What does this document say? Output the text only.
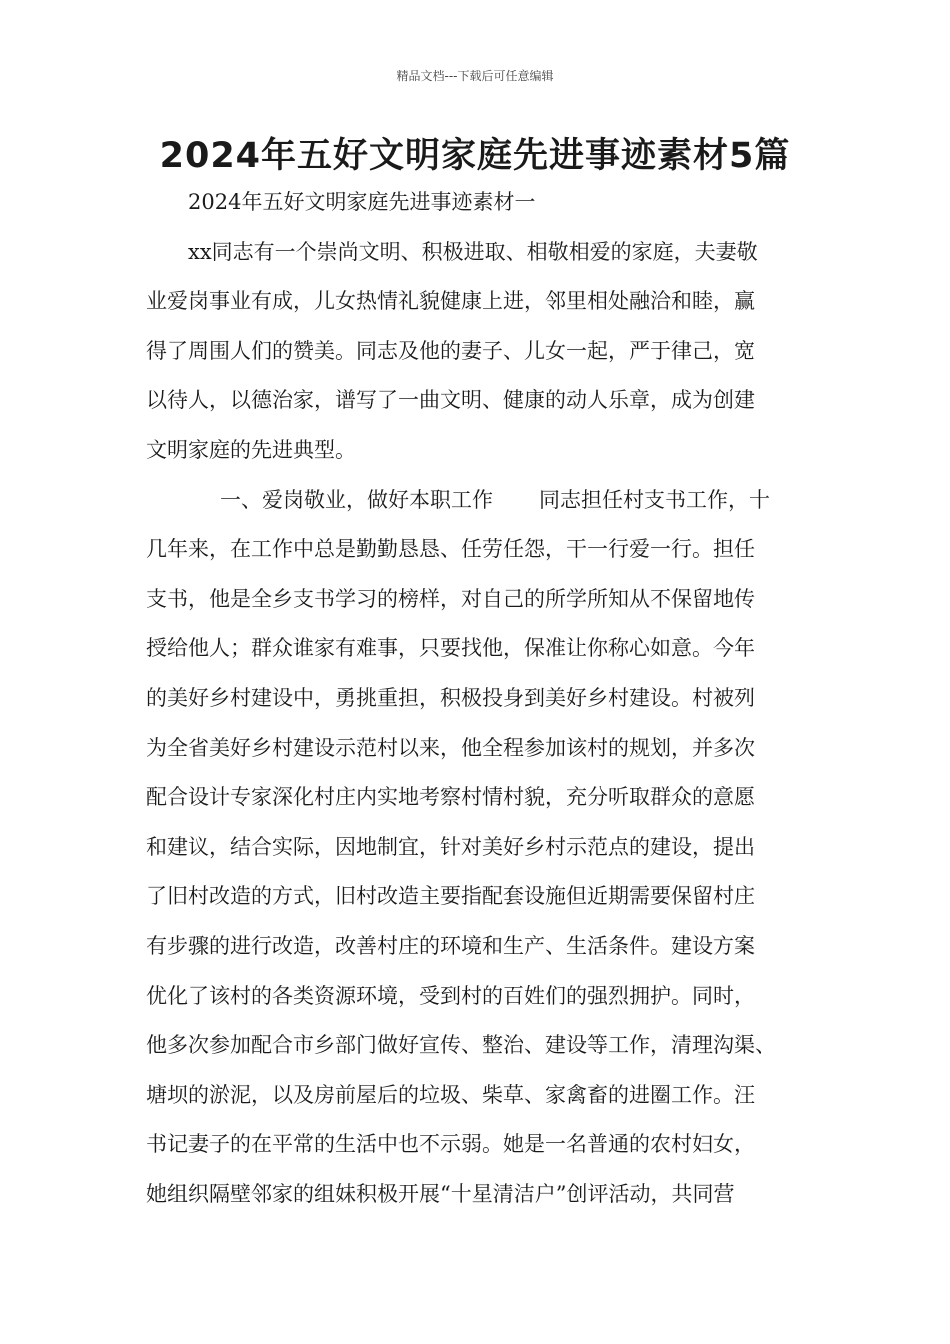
精品文档---下载后可任意编辑
2024年五好文明家庭先进事迹素材5篇

2024年五好文明家庭先进事迹素材一

xx同志有一个崇尚文明、积极进取、相敬相爱的家庭，夫妻敬

业爱岗事业有成，儿女热情礼貌健康上进，邻里相处融洽和睦，赢

得了周围人们的赞美。同志及他的妻子、儿女一起，严于律己，宽

以待人，以德治家，谱写了一曲文明、健康的动人乐章，成为创建

文明家庭的先进典型。

一、爱岗敬业，做好本职工作 同志担任村支书工作，十

几年来，在工作中总是勤勤恳恳、任劳任怨，干一行爱一行。担任

支书，他是全乡支书学习的榜样，对自己的所学所知从不保留地传

授给他人；群众谁家有难事，只要找他，保准让你称心如意。今年

的美好乡村建设中，勇挑重担，积极投身到美好乡村建设。村被列

为全省美好乡村建设示范村以来，他全程参加该村的规划，并多次

配合设计专家深化村庄内实地考察村情村貌，充分听取群众的意愿

和建议，结合实际，因地制宜，针对美好乡村示范点的建设，提出

了旧村改造的方式，旧村改造主要指配套设施但近期需要保留村庄

有步骤的进行改造，改善村庄的环境和生产、生活条件。建设方案

优化了该村的各类资源环境，受到村的百姓们的强烈拥护。同时，

他多次参加配合市乡部门做好宣传、整治、建设等工作，清理沟渠、

塘坝的淤泥，以及房前屋后的垃圾、柴草、家禽畜的进圈工作。汪

书记妻子的在平常的生活中也不示弱。她是一名普通的农村妇女，

她组织隔壁邻家的组妹积极开展“十星清洁户”创评活动，共同营
